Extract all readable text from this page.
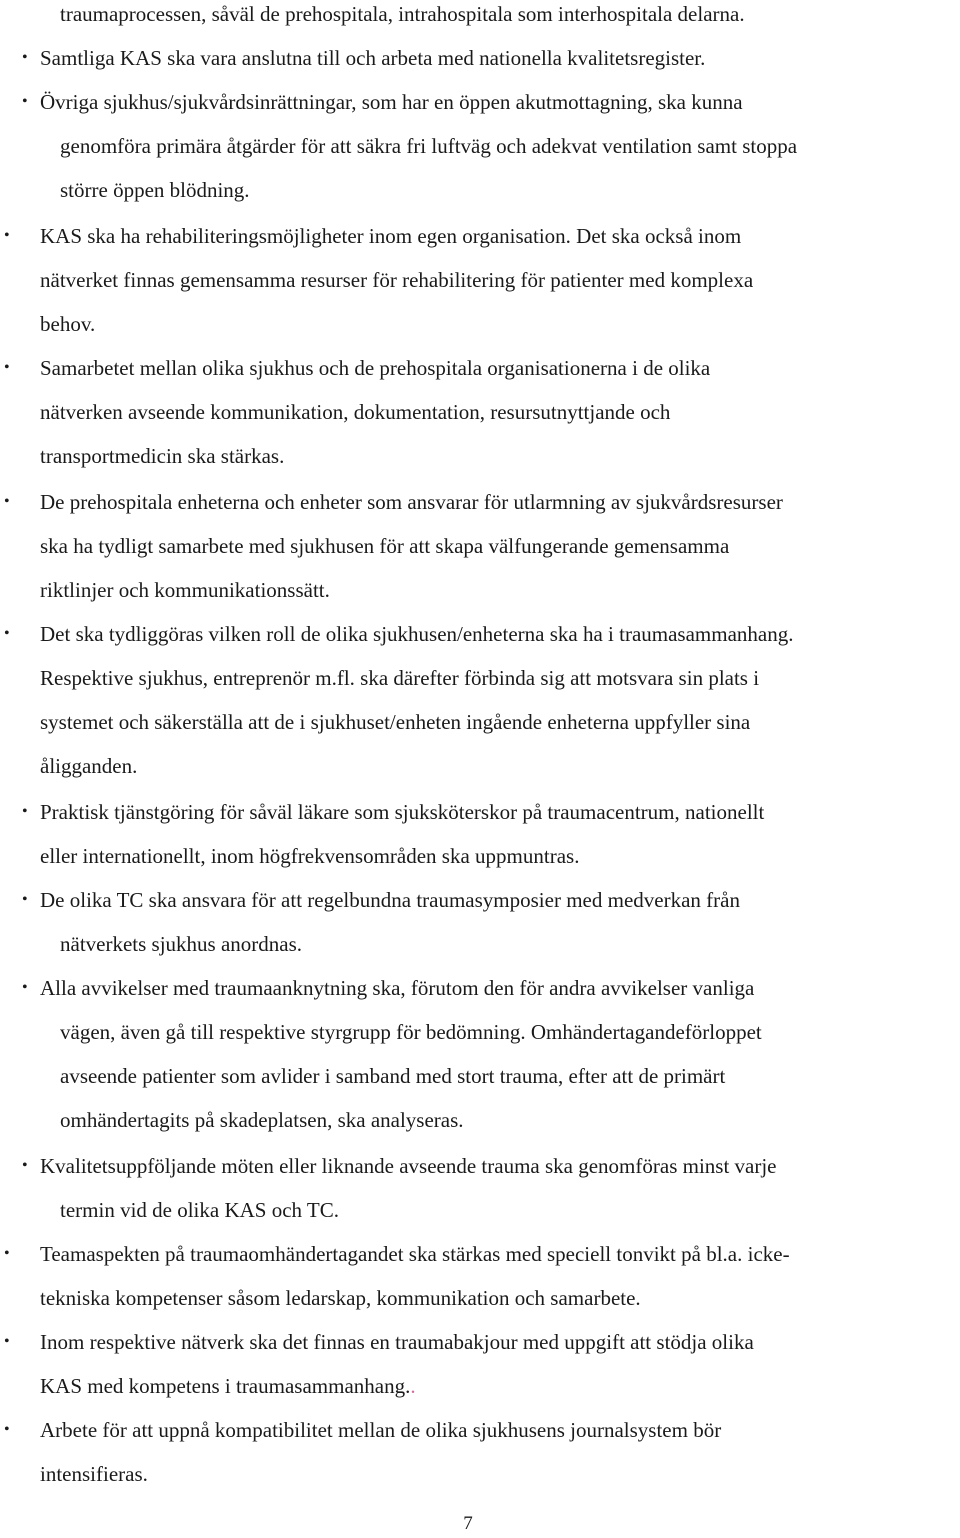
•
•
•
•
•
•
•
•
•
•
•
•
•

traumaprocessen, såväl de prehospitala, intrahospitala som interhospitala delarna.

Samtliga KAS ska vara anslutna till och arbeta med nationella kvalitetsregister.

Övriga sjukhus/sjukvårdsinrättningar, som har en öppen akutmottagning, ska kunna

genomföra primära åtgärder för att säkra fri luftväg och adekvat ventilation samt stoppa

större öppen blödning.

KAS ska ha rehabiliteringsmöjligheter inom egen organisation. Det ska också inom

nätverket finnas gemensamma resurser för rehabilitering för patienter med komplexa

behov.

Samarbetet mellan olika sjukhus och de prehospitala organisationerna i de olika

nätverken avseende kommunikation, dokumentation, resursutnyttjande och

transportmedicin ska stärkas.

De prehospitala enheterna och enheter som ansvarar för utlarmning av sjukvårdsresurser

ska ha tydligt samarbete med sjukhusen för att skapa välfungerande gemensamma

riktlinjer och kommunikationssätt.

Det ska tydliggöras vilken roll de olika sjukhusen/enheterna ska ha i traumasammanhang.

Respektive sjukhus, entreprenör m.fl. ska därefter förbinda sig att motsvara sin plats i

systemet och säkerställa att de i sjukhuset/enheten ingående enheterna uppfyller sina

åligganden.

Praktisk tjänstgöring för såväl läkare som sjuksköterskor på traumacentrum, nationellt

eller internationellt, inom högfrekvensområden ska uppmuntras.

De olika TC ska ansvara för att regelbundna traumasymposier med medverkan från

nätverkets sjukhus anordnas.

Alla avvikelser med traumaanknytning ska, förutom den för andra avvikelser vanliga

vägen, även gå till respektive styrgrupp för bedömning. Omhändertagandeförloppet

avseende patienter som avlider i samband med stort trauma, efter att de primärt

omhändertagits på skadeplatsen, ska analyseras.

Kvalitetsuppföljande möten eller liknande avseende trauma ska genomföras minst varje

termin vid de olika KAS och TC.

Teamaspekten på traumaomhändertagandet ska stärkas med speciell tonvikt på bl.a. icke-

tekniska kompetenser såsom ledarskap, kommunikation och samarbete.

Inom respektive nätverk ska det finnas en traumabakjour med uppgift att stödja olika

KAS med kompetens i traumasammanhang..

Arbete för att uppnå kompatibilitet mellan de olika sjukhusens journalsystem bör

intensifieras.

7
